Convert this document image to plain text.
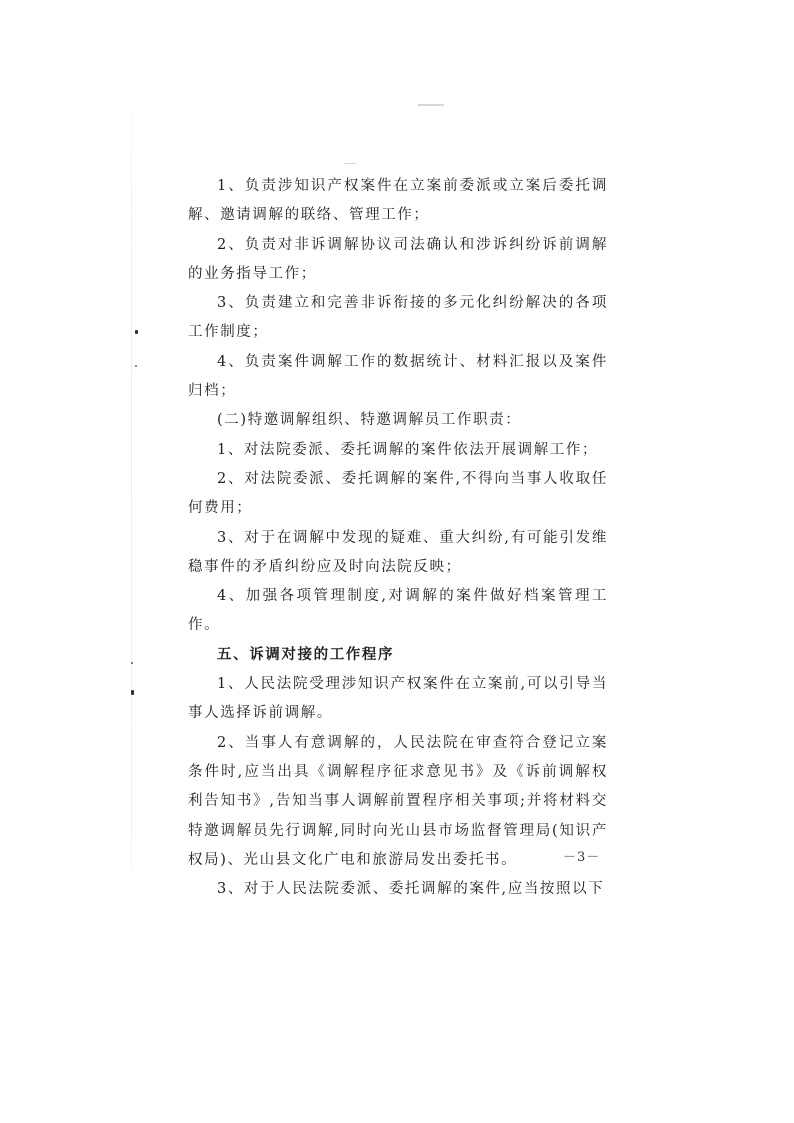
1、负责涉知识产权案件在立案前委派或立案后委托调解、邀请调解的联络、管理工作；

2、负责对非诉调解协议司法确认和涉诉纠纷诉前调解的业务指导工作；

3、负责建立和完善非诉衔接的多元化纠纷解决的各项工作制度；

4、负责案件调解工作的数据统计、材料汇报以及案件归档；

(二)特邀调解组织、特邀调解员工作职责：

1、对法院委派、委托调解的案件依法开展调解工作；

2、对法院委派、委托调解的案件,不得向当事人收取任何费用；

3、对于在调解中发现的疑难、重大纠纷,有可能引发维稳事件的矛盾纠纷应及时向法院反映；

4、加强各项管理制度,对调解的案件做好档案管理工作。

五、诉调对接的工作程序

1、人民法院受理涉知识产权案件在立案前,可以引导当事人选择诉前调解。

2、当事人有意调解的，人民法院在审查符合登记立案条件时,应当出具《调解程序征求意见书》及《诉前调解权利告知书》,告知当事人调解前置程序相关事项;并将材料交特邀调解员先行调解,同时向光山县市场监督管理局(知识产权局)、光山县文化广电和旅游局发出委托书。

3、对于人民法院委派、委托调解的案件,应当按照以下

－3－
